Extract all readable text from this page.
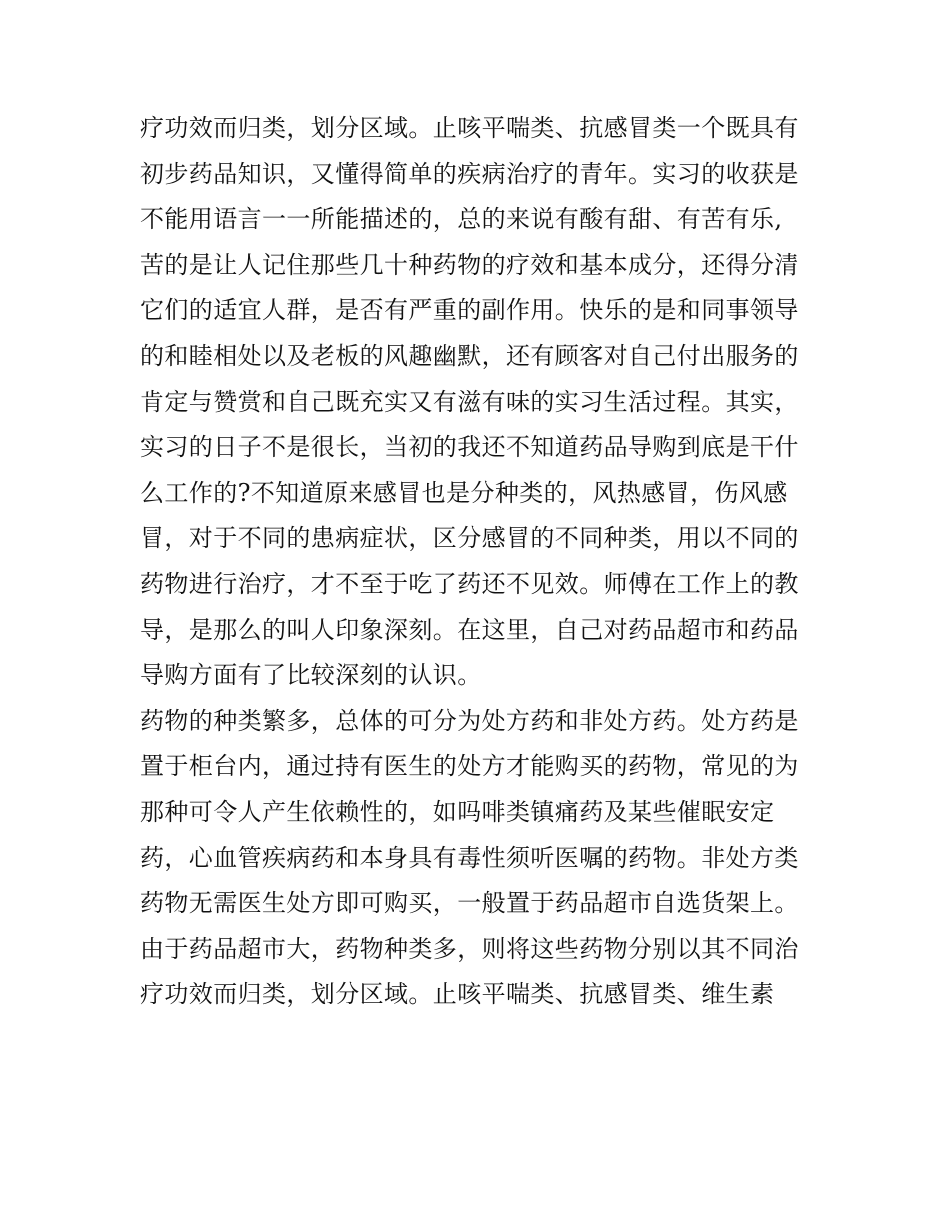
疗功效而归类，划分区域。止咳平喘类、抗感冒类一个既具有
初步药品知识，又懂得简单的疾病治疗的青年。实习的收获是
不能用语言一一所能描述的，总的来说有酸有甜、有苦有乐,
苦的是让人记住那些几十种药物的疗效和基本成分，还得分清
它们的适宜人群，是否有严重的副作用。快乐的是和同事领导
的和睦相处以及老板的风趣幽默，还有顾客对自己付出服务的
肯定与赞赏和自己既充实又有滋有味的实习生活过程。其实，
实习的日子不是很长，当初的我还不知道药品导购到底是干什
么工作的?不知道原来感冒也是分种类的，风热感冒，伤风感
冒，对于不同的患病症状，区分感冒的不同种类，用以不同的
药物进行治疗，才不至于吃了药还不见效。师傅在工作上的教
导，是那么的叫人印象深刻。在这里，自己对药品超市和药品
导购方面有了比较深刻的认识。
药物的种类繁多，总体的可分为处方药和非处方药。处方药是
置于柜台内，通过持有医生的处方才能购买的药物，常见的为
那种可令人产生依赖性的，如吗啡类镇痛药及某些催眠安定
药，心血管疾病药和本身具有毒性须听医嘱的药物。非处方类
药物无需医生处方即可购买，一般置于药品超市自选货架上。
由于药品超市大，药物种类多，则将这些药物分别以其不同治
疗功效而归类，划分区域。止咳平喘类、抗感冒类、维生素
